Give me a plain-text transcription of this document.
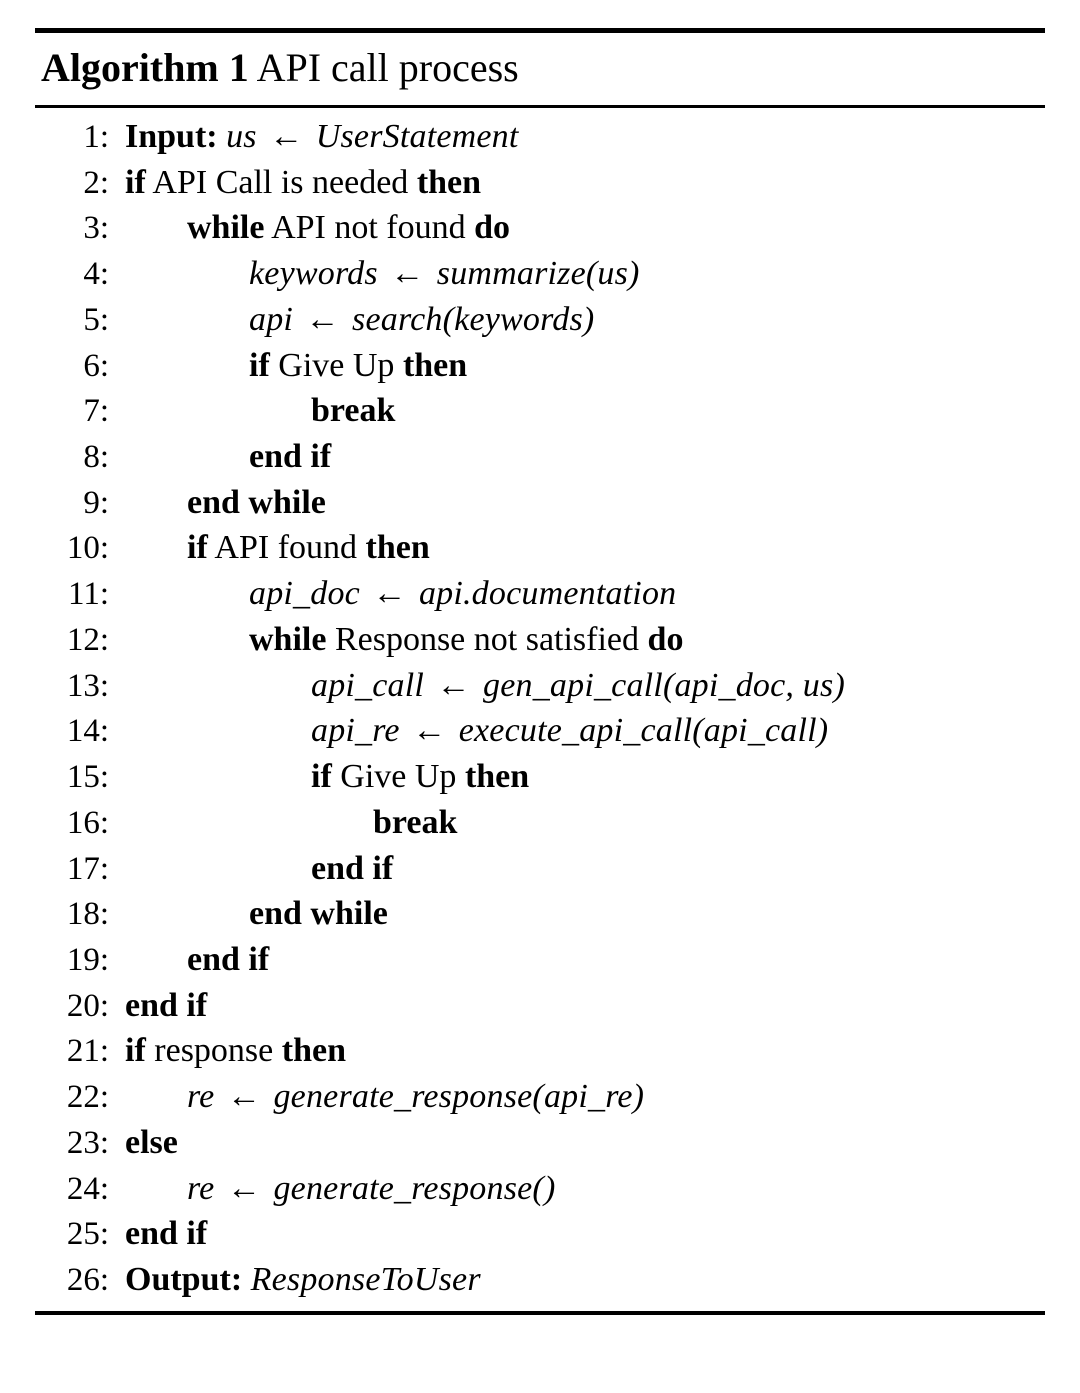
Algorithm 1 API call process
1: Input: us ← UserStatement
2: if API Call is needed then
3:	while API not found do
4:	keywords ← summarize(us)
5:	api ← search(keywords)
6:	if Give Up then
7:	break
8:	end if
9:	end while
10:	if API found then
11:	api_doc ← api.documentation
12:	while Response not satisfied do
13:	api_call ← gen_api_call(api_doc, us)
14:	api_re ← execute_api_call(api_call)
15:	if Give Up then
16:	break
17:	end if
18:	end while
19:	end if
20: end if
21: if response then
22:	re ← generate_response(api_re)
23: else
24:	re ← generate_response()
25: end if
26: Output: ResponseToUser
